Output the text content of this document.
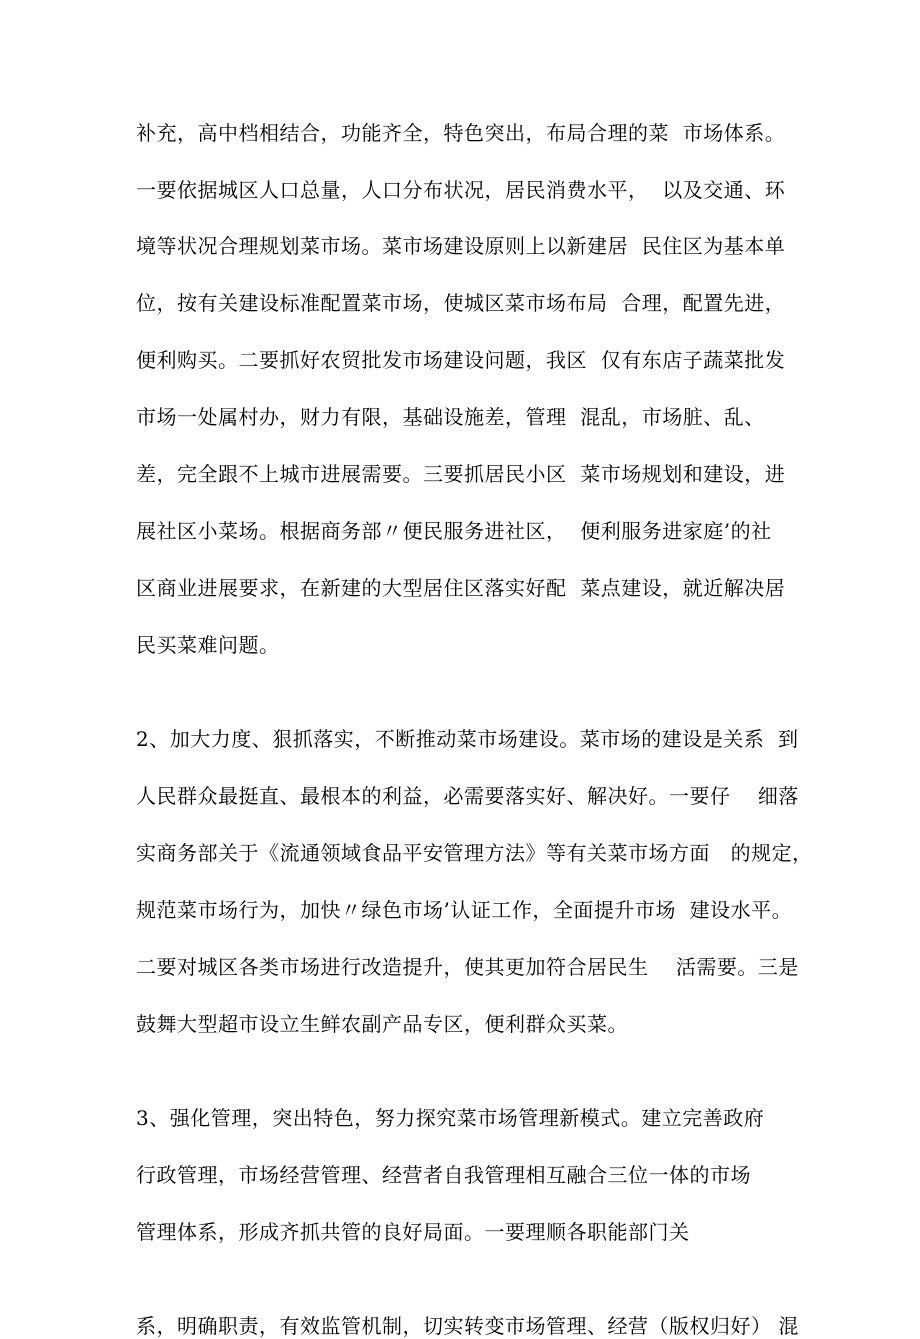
补充，高中档相结合，功能齐全，特色突出，布局合理的菜  市场体系。
一要依据城区人口总量，人口分布状况，居民消费水平，  以及交通、环
境等状况合理规划菜市场。菜市场建设原则上以新建居  民住区为基本单
位，按有关建设标准配置菜市场，使城区菜市场布局  合理，配置先进，
便利购买。二要抓好农贸批发市场建设问题，我区  仅有东店子蔬菜批发
市场一处属村办，财力有限，基础设施差，管理  混乱，市场脏、乱、
差，完全跟不上城市进展需要。三要抓居民小区  菜市场规划和建设，进
展社区小菜场。根据商务部〃便民服务进社区，  便利服务进家庭’的社
区商业进展要求，在新建的大型居住区落实好配  菜点建设，就近解决居
民买菜难问题。
2、加大力度、狠抓落实，不断推动菜市场建设。菜市场的建设是关系  到
人民群众最挺直、最根本的利益，必需要落实好、解决好。一要仔    细落
实商务部关于《流通领域食品平安管理方法》等有关菜市场方面   的规定，
规范菜市场行为，加快〃绿色市场’认证工作，全面提升市场  建设水平。
二要对城区各类市场进行改造提升，使其更加符合居民生    活需要。三是
鼓舞大型超市设立生鲜农副产品专区，便利群众买菜。
3、强化管理，突出特色，努力探究菜市场管理新模式。建立完善政府
行政管理，市场经营管理、经营者自我管理相互融合三位一体的市场
管理体系，形成齐抓共管的良好局面。一要理顺各职能部门关
系，明确职责，有效监管机制，切实转变市场管理、经营（版权归好） 混
